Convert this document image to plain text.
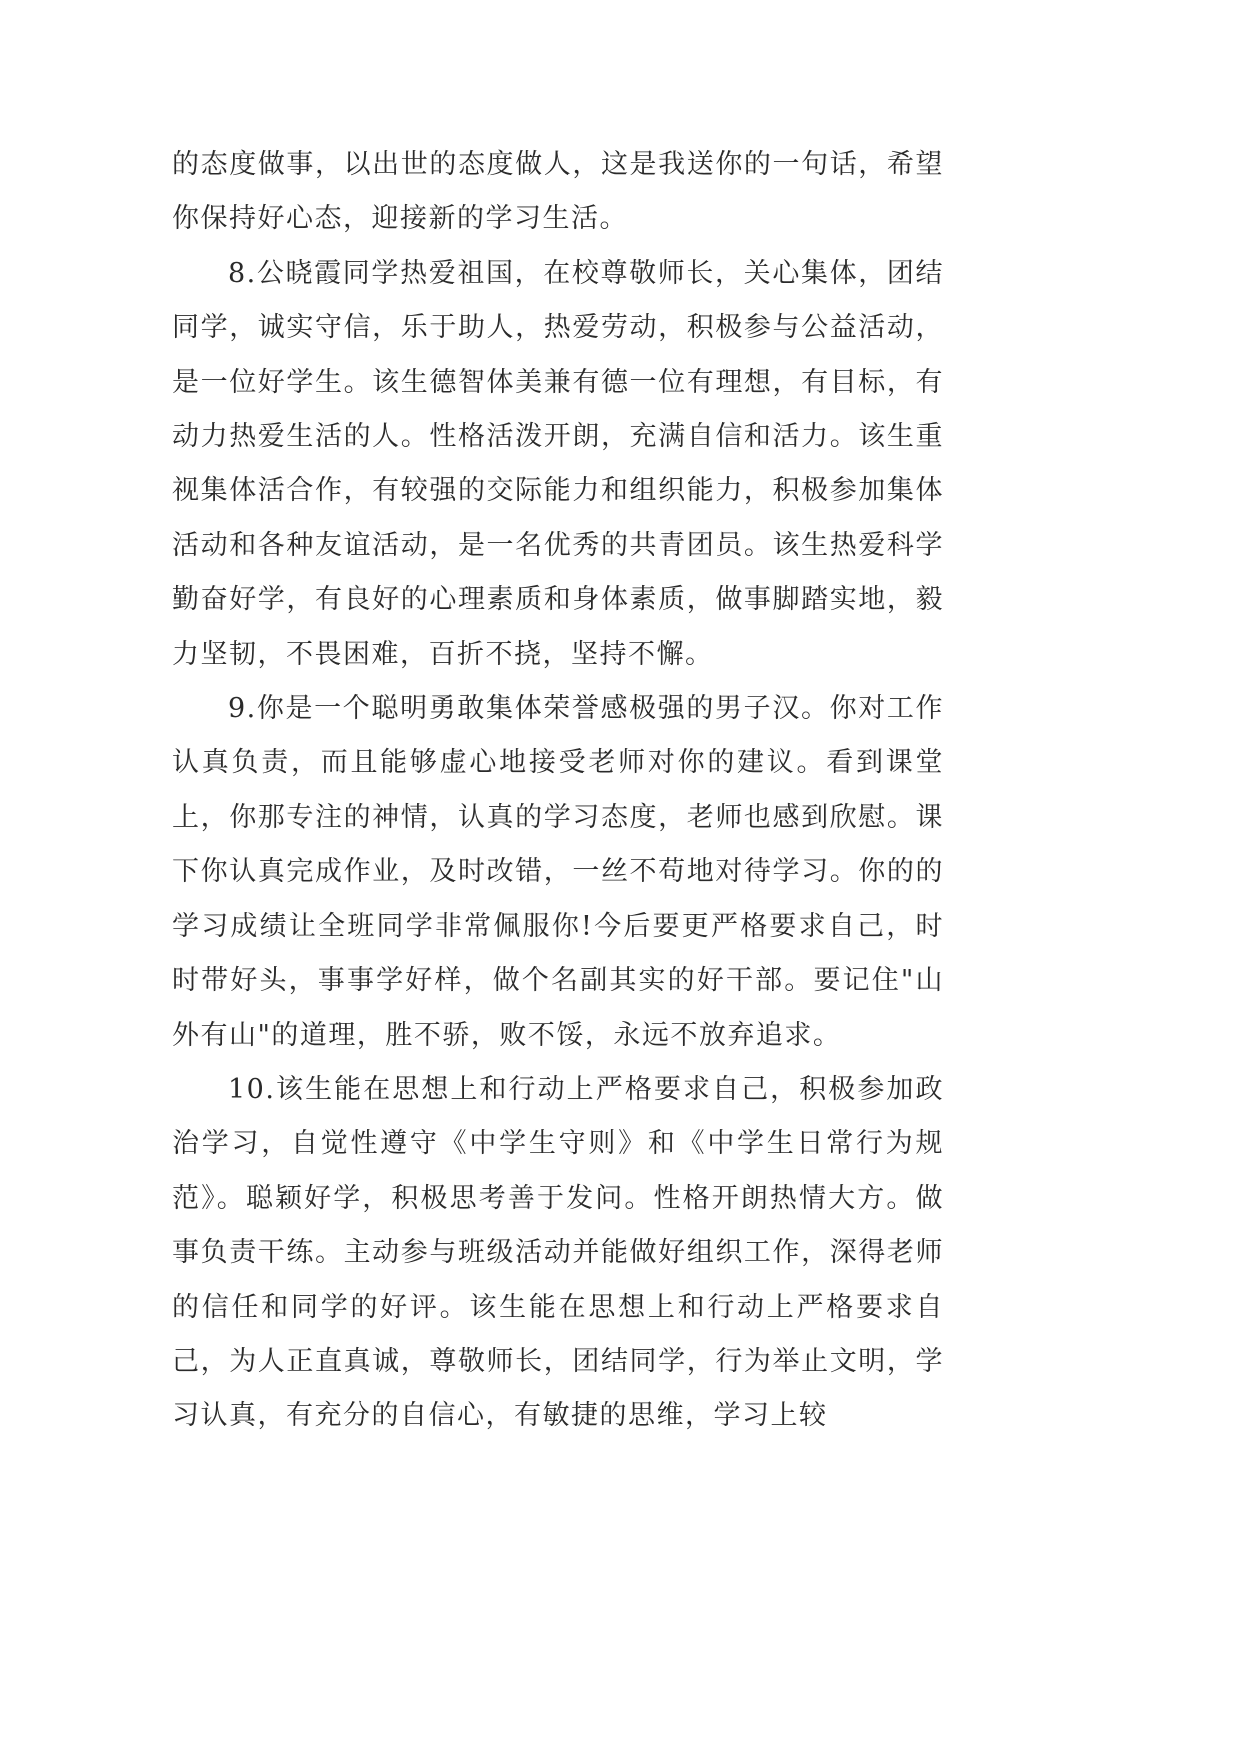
的态度做事，以出世的态度做人，这是我送你的一句话，希望你保持好心态，迎接新的学习生活。

8.公晓霞同学热爱祖国，在校尊敬师长，关心集体，团结同学，诚实守信，乐于助人，热爱劳动，积极参与公益活动，是一位好学生。该生德智体美兼有德一位有理想，有目标，有动力热爱生活的人。性格活泼开朗，充满自信和活力。该生重视集体活合作，有较强的交际能力和组织能力，积极参加集体活动和各种友谊活动，是一名优秀的共青团员。该生热爱科学勤奋好学，有良好的心理素质和身体素质，做事脚踏实地，毅力坚韧，不畏困难，百折不挠，坚持不懈。

9.你是一个聪明勇敢集体荣誉感极强的男子汉。你对工作认真负责，而且能够虚心地接受老师对你的建议。看到课堂上，你那专注的神情，认真的学习态度，老师也感到欣慰。课下你认真完成作业，及时改错，一丝不苟地对待学习。你的的学习成绩让全班同学非常佩服你!今后要更严格要求自己，时时带好头，事事学好样，做个名副其实的好干部。要记住"山外有山"的道理，胜不骄，败不馁，永远不放弃追求。

10.该生能在思想上和行动上严格要求自己，积极参加政治学习，自觉性遵守《中学生守则》和《中学生日常行为规范》。聪颖好学，积极思考善于发问。性格开朗热情大方。做事负责干练。主动参与班级活动并能做好组织工作，深得老师的信任和同学的好评。该生能在思想上和行动上严格要求自己，为人正直真诚，尊敬师长，团结同学，行为举止文明，学习认真，有充分的自信心，有敏捷的思维，学习上较
